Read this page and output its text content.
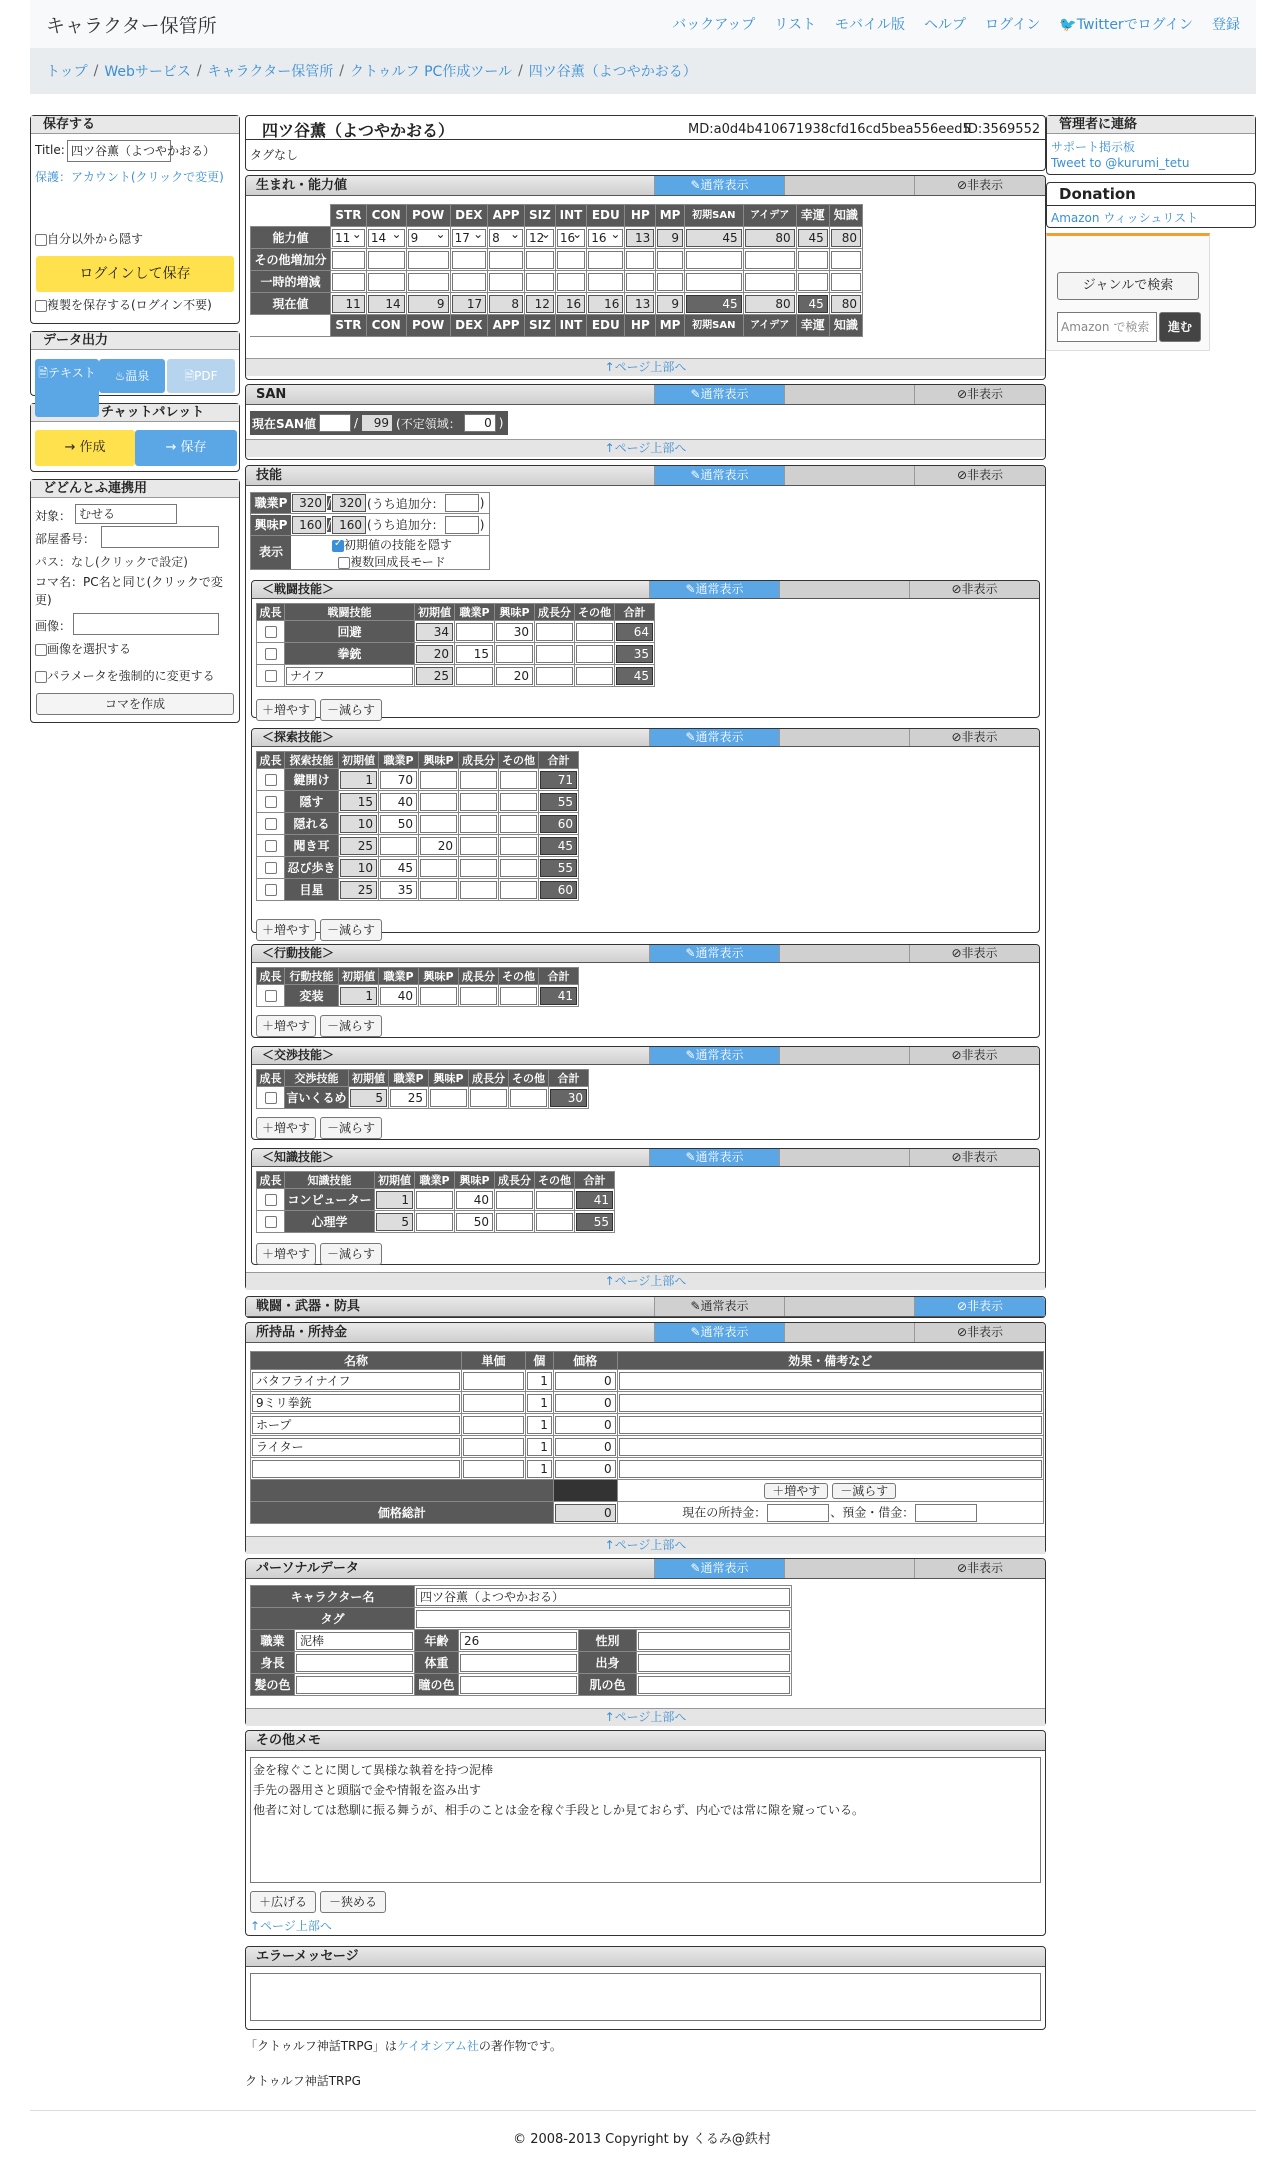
キャラクター保管所	バックアップ リスト モバイル版 ヘルプ ログイン 🐦Twitterでログイン 登録
トップ / Webサービス / キャラクター保管所 / クトゥルフ PC作成ツール / 四ツ谷薫（よつやかおる）
保存する
Title: 四ツ谷薫（よつやかおる）
保護：アカウント(クリックで変更)
自分以外から隠す
ログインして保存
複製を保存する(ログイン不要)
データ出力
🗎テキスト	♨温泉	🗎PDF
チャットパレット
→ 作成	→ 保存
どどんとふ連携用
対象： むせる
部屋番号：
パス：なし(クリックで設定)
コマ名：PC名と同じ(クリックで変更)
画像：
画像を選択する
パラメータを強制的に変更する
コマを作成
管理者に連絡
サポート掲示板
Tweet to @kurumi_tetu
Donation
Amazon ウィッシュリスト
ジャンルで検索
Amazon で検索	進む
四ツ谷薫（よつやかおる）	MD:a0d4b410671938cfd16cd5bea556eed5
ID:3569552
タグなし
生まれ・能力値	✎通常表示	⊘非表示
	STR	CON	POW	DEX	APP	SIZ	INT	EDU	HP	MP	初期SAN	アイデア	幸運	知識
能力値	11 ⌄	14 ⌄	9 ⌄	17 ⌄	8 ⌄	12 ⌄	16 ⌄	16 ⌄	13	9	45	80	45	80

その他増加分	

一時的増減	

現在値	11	14	9	17	8	12	16	16	13	9	45	80	45	80

	STR	CON	POW	DEX	APP	SIZ	INT	EDU	HP	MP	初期SAN	アイデア	幸運	知識
↑ページ上部へ
SAN	✎通常表示	⊘非表示
現在SAN値	/	99 (不定領域：	0 )
↑ページ上部へ
技能	✎通常表示	⊘非表示
職業P 320 / 320 (うち追加分：	)
興味P 160 / 160 (うち追加分：	)
表示 ✓	初期値の技能を隠す
複数回成長モード
＜戦闘技能＞	✎通常表示	⊘非表示
成長	戦闘技能	初期値	職業P	興味P	成長分	その他	合計
	回避	34		30			64

	拳銃	20	15				35

	ナイフ	25		20			45
＋増やす	－減らす
＜探索技能＞	✎通常表示	⊘非表示
成長	探索技能	初期値	職業P	興味P	成長分	その他	合計
	鍵開け	1	70				71

	隠す	15	40				55

	隠れる	10	50				60

	聞き耳	25		20			45

	忍び歩き	10	45				55

	目星	25	35				60
＋増やす	－減らす
＜行動技能＞	✎通常表示	⊘非表示
成長	行動技能	初期値	職業P	興味P	成長分	その他	合計
	変装	1	40				41
＋増やす	－減らす
＜交渉技能＞	✎通常表示	⊘非表示
成長	交渉技能	初期値	職業P	興味P	成長分	その他	合計
	言いくるめ	5	25				30
＋増やす	－減らす
＜知識技能＞	✎通常表示	⊘非表示
成長	知識技能	初期値	職業P	興味P	成長分	その他	合計
	コンピューター	1		40			41

	心理学	5		50			55
＋増やす	－減らす
↑ページ上部へ
戦闘・武器・防具	✎通常表示	⊘非表示
所持品・所持金	✎通常表示	⊘非表示
名称	単価	個	価格	効果・備考など

バタフライナイフ		1	0	

9ミリ拳銃		1	0	

ホープ		1	0	

ライター		1	0	

		1	0	

				＋増やす －減らす
価格総計			0	現在の所持金： 、預金・借金：
↑ページ上部へ
パーソナルデータ	✎通常表示	⊘非表示
キャラクター名		四ツ谷薫（よつやかおる）			

タグ					

職業	泥棒	年齢	26	性別	

身長		体重		出身	

髪の色		瞳の色		肌の色	
↑ページ上部へ
その他メモ
金を稼ぐことに関して異様な執着を持つ泥棒
手先の器用さと頭脳で金や情報を盗み出す
他者に対しては愁馴に振る舞うが、相手のことは金を稼ぐ手段としか見ておらず、内心では常に隙を窺っている。
＋広げる	－狭める
↑ページ上部へ
エラーメッセージ
「クトゥルフ神話TRPG」はケイオシアム社の著作物です。
クトゥルフ神話TRPG
© 2008-2013 Copyright by くるみ@鉄村
